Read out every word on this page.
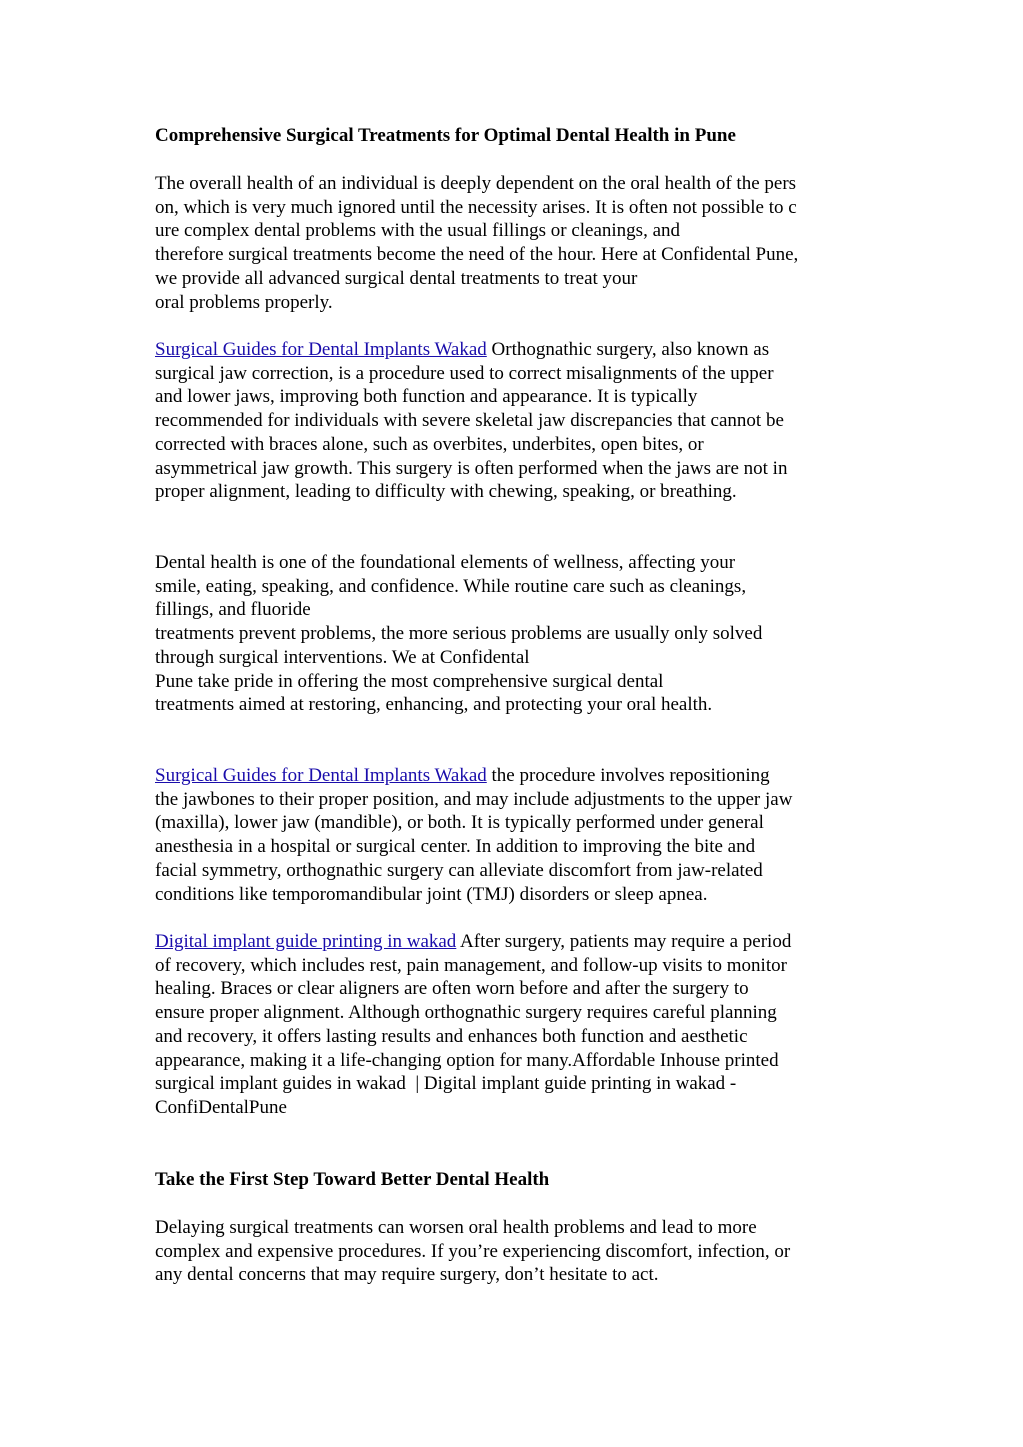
Comprehensive Surgical Treatments for Optimal Dental Health in Pune
The overall health of an individual is deeply dependent on the oral health of the pers
on, which is very much ignored until the necessity arises. It is often not possible to c
ure complex dental problems with the usual fillings or cleanings, and
therefore surgical treatments become the need of the hour. Here at Confidental Pune,
we provide all advanced surgical dental treatments to treat your
oral problems properly.
Surgical Guides for Dental Implants Wakad Orthognathic surgery, also known as
surgical jaw correction, is a procedure used to correct misalignments of the upper
and lower jaws, improving both function and appearance. It is typically
recommended for individuals with severe skeletal jaw discrepancies that cannot be
corrected with braces alone, such as overbites, underbites, open bites, or
asymmetrical jaw growth. This surgery is often performed when the jaws are not in
proper alignment, leading to difficulty with chewing, speaking, or breathing.
Dental health is one of the foundational elements of wellness, affecting your
smile, eating, speaking, and confidence. While routine care such as cleanings,
fillings, and fluoride
treatments prevent problems, the more serious problems are usually only solved
through surgical interventions. We at Confidental
Pune take pride in offering the most comprehensive surgical dental
treatments aimed at restoring, enhancing, and protecting your oral health.
Surgical Guides for Dental Implants Wakad the procedure involves repositioning
the jawbones to their proper position, and may include adjustments to the upper jaw
(maxilla), lower jaw (mandible), or both. It is typically performed under general
anesthesia in a hospital or surgical center. In addition to improving the bite and
facial symmetry, orthognathic surgery can alleviate discomfort from jaw-related
conditions like temporomandibular joint (TMJ) disorders or sleep apnea.
Digital implant guide printing in wakad After surgery, patients may require a period
of recovery, which includes rest, pain management, and follow-up visits to monitor
healing. Braces or clear aligners are often worn before and after the surgery to
ensure proper alignment. Although orthognathic surgery requires careful planning
and recovery, it offers lasting results and enhances both function and aesthetic
appearance, making it a life-changing option for many.Affordable Inhouse printed
surgical implant guides in wakad  | Digital implant guide printing in wakad -
ConfiDentalPune
Take the First Step Toward Better Dental Health
Delaying surgical treatments can worsen oral health problems and lead to more
complex and expensive procedures. If you’re experiencing discomfort, infection, or
any dental concerns that may require surgery, don’t hesitate to act.
